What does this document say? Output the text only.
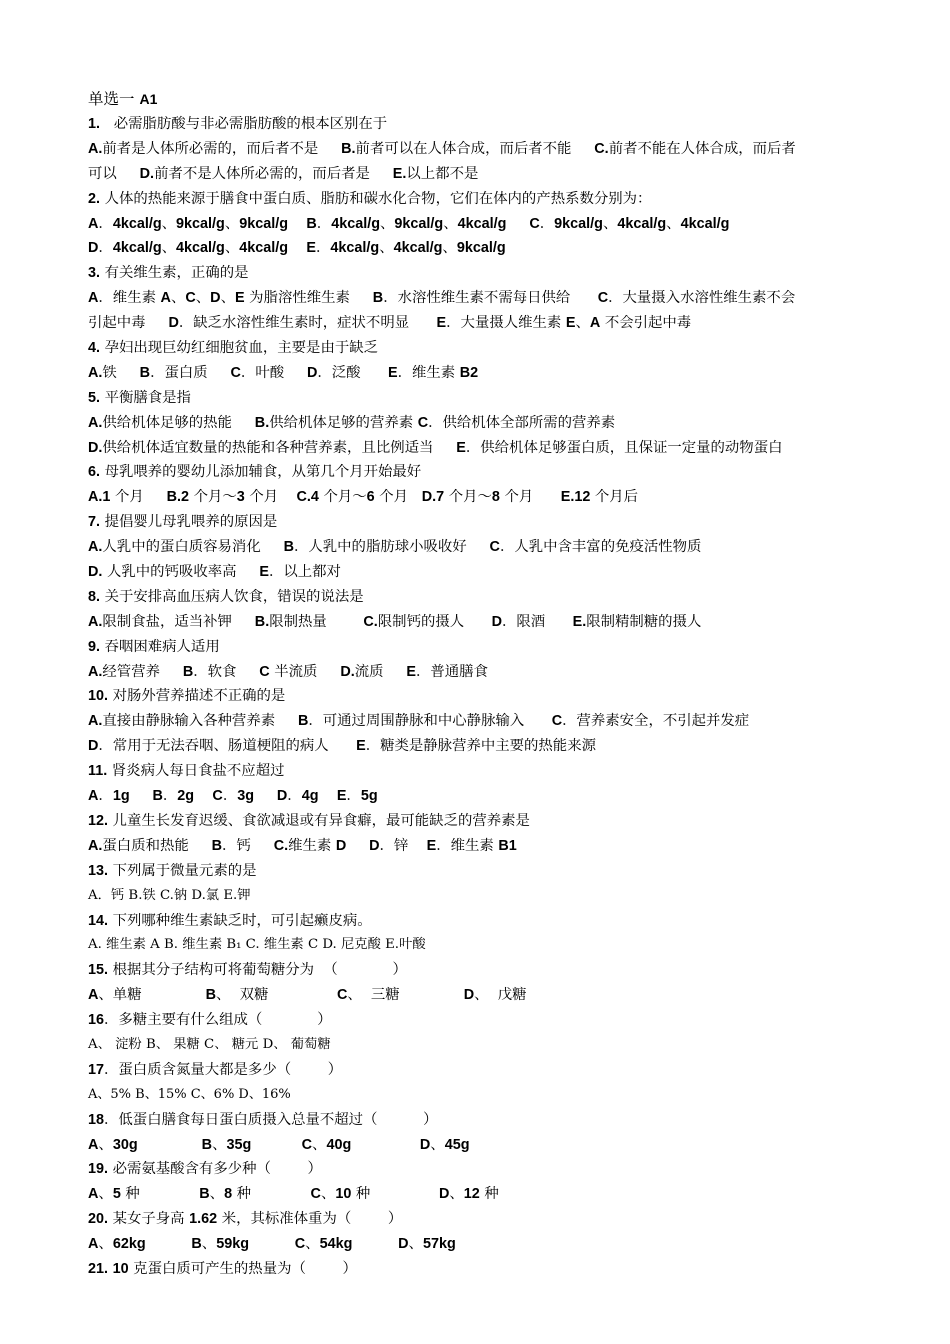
单选一 A1
1.   必需脂肪酸与非必需脂肪酸的根本区别在于
A.前者是人体所必需的，而后者不是     B.前者可以在人体合成，而后者不能     C.前者不能在人体合成，而后者
可以     D.前者不是人体所必需的，而后者是     E.以上都不是
2. 人体的热能来源于膳食中蛋白质、脂肪和碳水化合物，它们在体内的产热系数分别为：
A．4kcal/g、9kcal/g、9kcal/g B．4kcal/g、9kcal/g、4kcal/g C．9kcal/g、4kcal/g、4kcal/g
D．4kcal/g、4kcal/g、4kcal/g E．4kcal/g、4kcal/g、9kcal/g
3. 有关维生素，正确的是
A．维生素 A、C、D、E 为脂溶性维生素     B．水溶性维生素不需每日供给      C．大量摄入水溶性维生素不会
引起中毒     D．缺乏水溶性维生素时，症状不明显      E．大量摄人维生素 E、A 不会引起中毒
4. 孕妇出现巨幼红细胞贫血，主要是由于缺乏
A.铁     B．蛋白质     C．叶酸     D．泛酸      E．维生素 B2
5. 平衡膳食是指
A.供给机体足够的热能     B.供给机体足够的营养素 C．供给机体全部所需的营养素
D.供给机体适宜数量的热能和各种营养素，且比例适当     E．供给机体足够蛋白质，且保证一定量的动物蛋白
6. 母乳喂养的婴幼儿添加辅食，从第几个月开始最好
A.1 个月     B.2 个月～3 个月    C.4 个月～6 个月   D.7 个月～8 个月      E.12 个月后
7. 提倡婴儿母乳喂养的原因是
A.人乳中的蛋白质容易消化     B．人乳中的脂肪球小吸收好     C．人乳中含丰富的免疫活性物质
D. 人乳中的钙吸收率高     E．以上都对
8. 关于安排高血压病人饮食，错误的说法是
A.限制食盐，适当补钾     B.限制热量        C.限制钙的摄人      D．限酒      E.限制精制糖的摄人
9. 吞咽困难病人适用
A.经管营养     B．软食     C 半流质     D.流质     E．普通膳食
10. 对肠外营养描述不正确的是
A.直接由静脉输入各种营养素     B．可通过周围静脉和中心静脉输入      C．营养素安全，不引起并发症
D．常用于无法吞咽、肠道梗阻的病人      E．糖类是静脉营养中主要的热能来源
11. 肾炎病人每日食盐不应超过
A．1g B．2g C．3g D．4g E．5g
12. 儿童生长发育迟缓、食欲减退或有异食癖，最可能缺乏的营养素是
A.蛋白质和热能     B．钙     C.维生素 D D．锌    E．维生素 B1
13. 下列属于微量元素的是
A．钙 B.铁 C.钠 D.氯 E.钾
14. 下列哪种维生素缺乏时，可引起癞皮病。
A. 维生素 A B. 维生素 B₁ C. 维生素 C D. 尼克酸 E.叶酸
15. 根据其分子结构可将葡萄糖分为  （            ）
A、单糖              B、  双糖               C、  三糖              D、  戊糖
16．多糖主要有什么组成（            ）
A、 淀粉 B、 果糖 C、 糖元 D、 葡萄糖
17．蛋白质含氮量大都是多少（        ）
A、5% B、15% C、6% D、16%
18．低蛋白膳食每日蛋白质摄入总量不超过（          ）
A、30g	B、35g	C、40g	D、45g
19. 必需氨基酸含有多少种（        ）
A、5 种             B、8 种             C、10 种               D、12 种
20. 某女子身高 1.62 米，其标准体重为（        ）
A、62kg	B、59kg	C、54kg	D、57kg
21. 10 克蛋白质可产生的热量为（        ）
